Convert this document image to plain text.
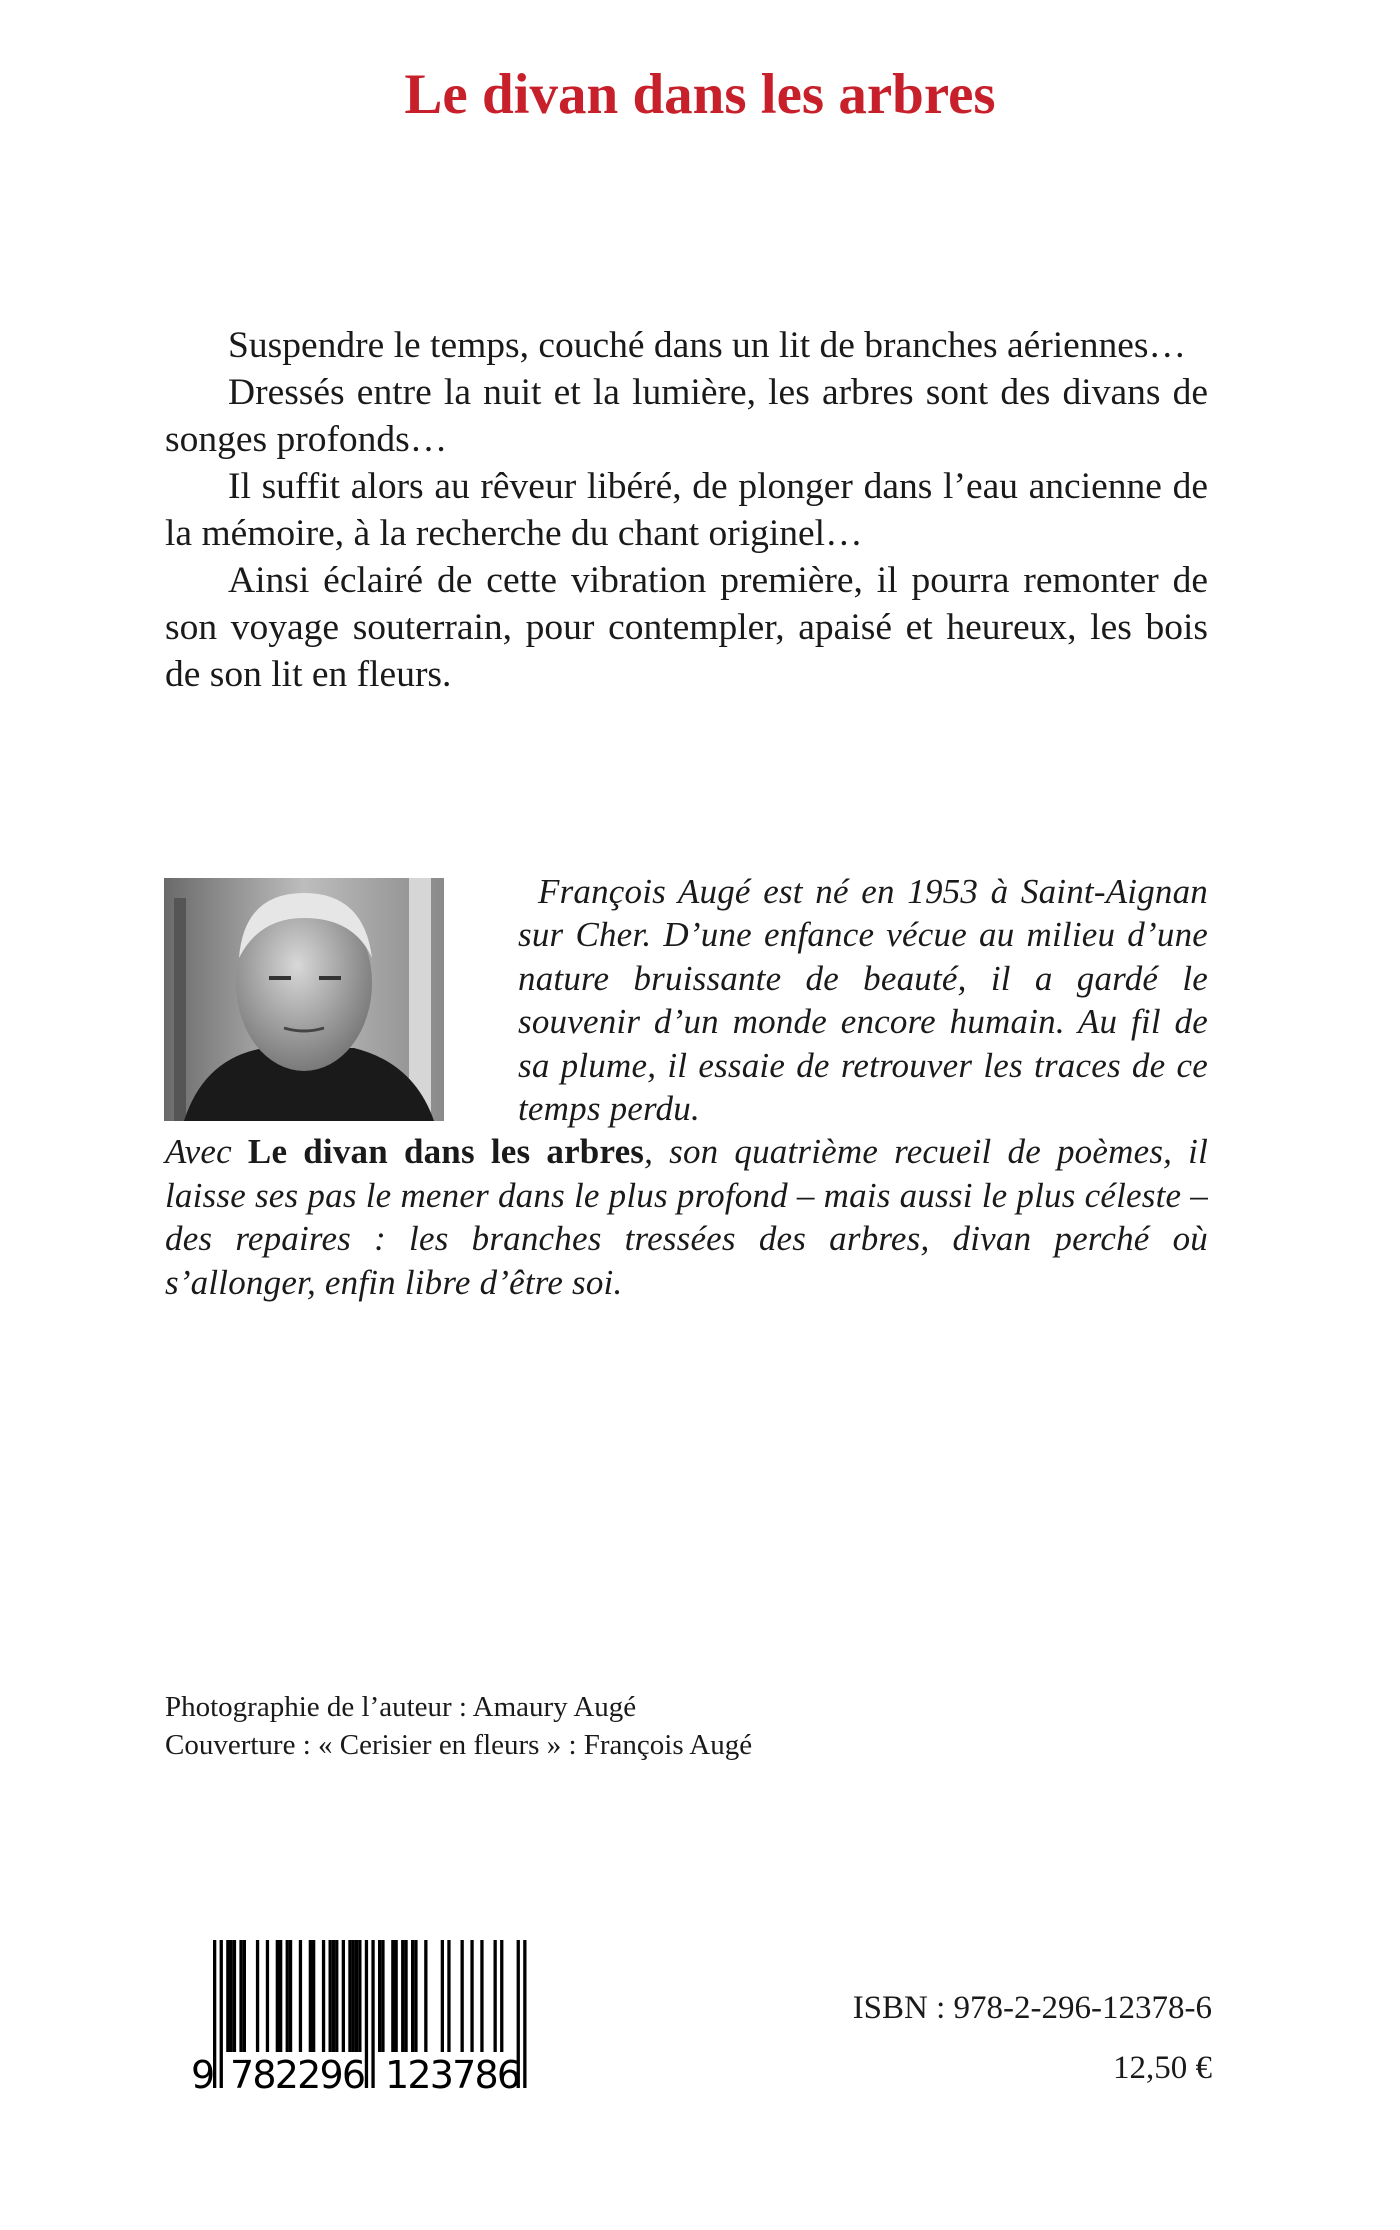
Le divan dans les arbres

Suspendre le temps, couché dans un lit de branches aériennes…

Dressés entre la nuit et la lumière, les arbres sont des divans de songes profonds…

Il suffit alors au rêveur libéré, de plonger dans l’eau ancienne de la mémoire, à la recherche du chant originel…

Ainsi éclairé de cette vibration première, il pourra remonter de son voyage souterrain, pour contempler, apaisé et heureux, les bois de son lit en fleurs.

François Augé est né en 1953 à Saint-Aignan sur Cher. D’une enfance vécue au milieu d’une nature bruissante de beauté, il a gardé le souvenir d’un monde encore humain. Au fil de sa plume, il essaie de retrouver les traces de ce temps perdu.

Avec Le divan dans les arbres, son quatrième recueil de poèmes, il laisse ses pas le mener dans le plus profond – mais aussi le plus céleste – des repaires : les branches tressées des arbres, divan perché où s’allonger, enfin libre d’être soi.

Photographie de l’auteur : Amaury Augé
Couverture : « Cerisier en fleurs » : François Augé
9 782296 123786
ISBN : 978-2-296-12378-6
12,50 €
